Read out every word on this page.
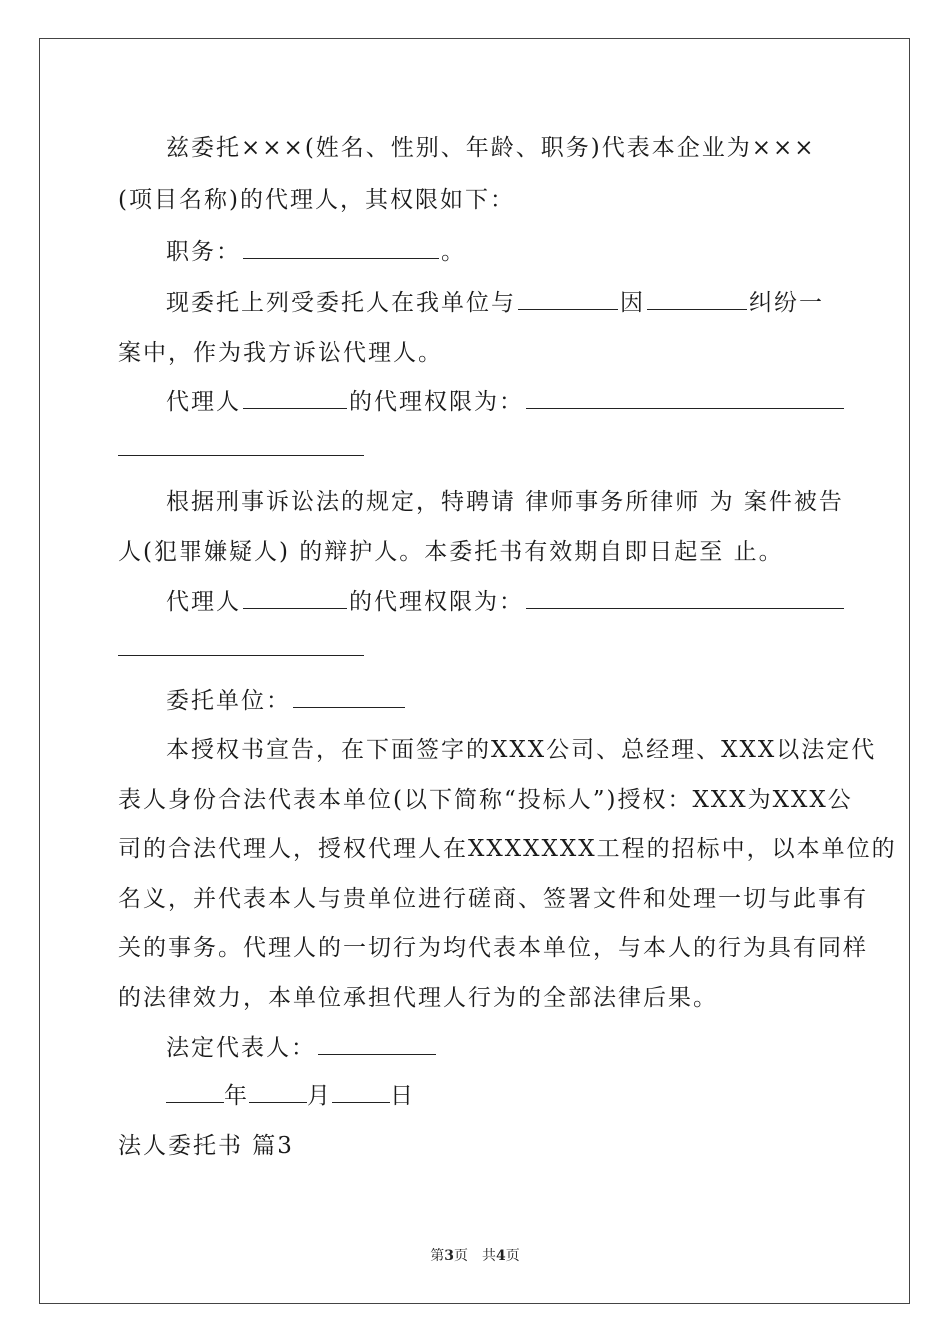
兹委托×××(姓名、性别、年龄、职务)代表本企业为×××
(项目名称)的代理人，其权限如下：
职务：	。
现委托上列受委托人在我单位与	因	纠纷一
案中，作为我方诉讼代理人。
代理人	的代理权限为：
根据刑事诉讼法的规定，特聘请 律师事务所律师 为 案件被告
人(犯罪嫌疑人) 的辩护人。本委托书有效期自即日起至 止。
代理人	的代理权限为：
委托单位：
本授权书宣告，在下面签字的XXX公司、总经理、XXX以法定代
表人身份合法代表本单位(以下简称“投标人”)授权：XXX为XXX公
司的合法代理人，授权代理人在XXXXXXX工程的招标中，以本单位的
名义，并代表本人与贵单位进行磋商、签署文件和处理一切与此事有
关的事务。代理人的一切行为均代表本单位，与本人的行为具有同样
的法律效力，本单位承担代理人行为的全部法律后果。
法定代表人：
年	月	日
法人委托书 篇3
第3页　共4页
